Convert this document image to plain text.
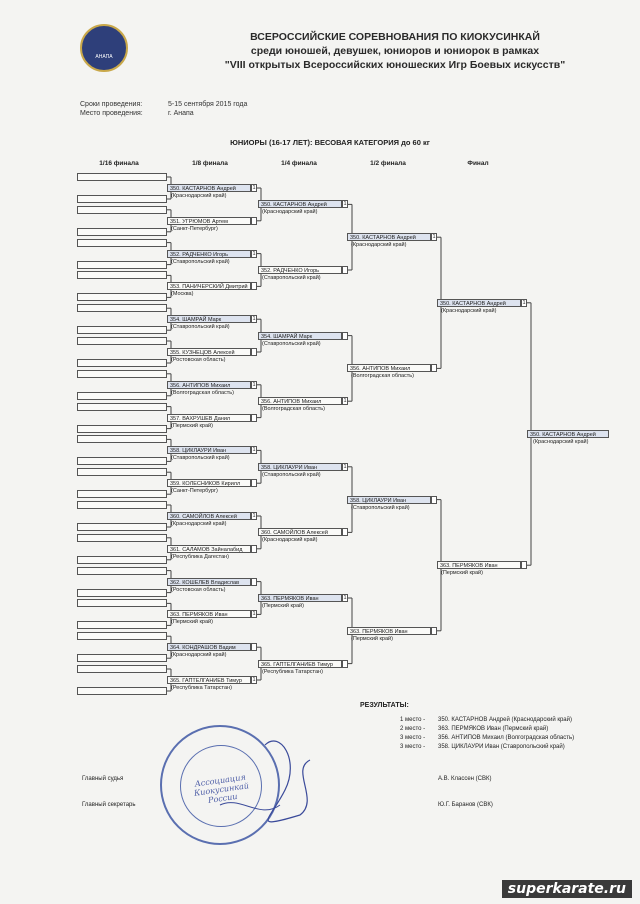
АНАПА
ВСЕРОССИЙСКИЕ СОРЕВНОВАНИЯ ПО КИОКУСИНКАЙ
среди юношей, девушек, юниоров и юниорок в рамках
"VIII открытых Всероссийских юношеских Игр Боевых искусств"
Сроки проведения:	5-15 сентября 2015 года
Место проведения:	г. Анапа
ЮНИОРЫ (16-17 ЛЕТ): ВЕСОВАЯ КАТЕГОРИЯ до 60 кг
1/16 финала	1/8 финала	1/4 финала	1/2 финала	Финал
350. КАСТАРНОВ Андрей	1
(Краснодарский край)
351. УГРЮМОВ Артем
(Санкт-Петербург)
352. РАДЧЕНКО Игорь	1
(Ставропольский край)
353. ПАНИЧЕРСКИЙ Дмитрий
(Москва)
354. ШАМРАЙ Марк	1
(Ставропольский край)
355. КУЗНЕЦОВ Алексей
(Ростовская область)
356. АНТИПОВ Михаил	1
(Волгоградская область)
357. ВАХРУШЕВ Данил
(Пермский край)
358. ЦИКЛАУРИ Иван	1
(Ставропольский край)
359. КОЛЕСНИКОВ Кирилл
(Санкт-Петербург)
360. САМОЙЛОВ Алексей	1
(Краснодарский край)
361. САЛАМОВ Зайналабид
(Республика Дагестан)
362. КОШЕЛЕВ Владислав
(Ростовская область)
363. ПЕРМЯКОВ Иван	1
(Пермский край)
364. КОНДРАШОВ Вадим
(Краснодарский край)
365. ГАПТЕЛГАНИЕВ Тимур	1
(Республика Татарстан)
350. КАСТАРНОВ Андрей	1
(Краснодарский край)
352. РАДЧЕНКО Игорь
(Ставропольский край)
354. ШАМРАЙ Марк
(Ставропольский край)
356. АНТИПОВ Михаил	1
(Волгоградская область)
358. ЦИКЛАУРИ Иван	1
(Ставропольский край)
360. САМОЙЛОВ Алексей
(Краснодарский край)
363. ПЕРМЯКОВ Иван	1
(Пермский край)
365. ГАПТЕЛГАНИЕВ Тимур
(Республика Татарстан)
350. КАСТАРНОВ Андрей	1
(Краснодарский край)
356. АНТИПОВ Михаил
(Волгоградская область)
358. ЦИКЛАУРИ Иван
(Ставропольский край)
363. ПЕРМЯКОВ Иван
(Пермский край)
350. КАСТАРНОВ Андрей	1
(Краснодарский край)
363. ПЕРМЯКОВ Иван
(Пермский край)
350. КАСТАРНОВ Андрей
(Краснодарский край)
РЕЗУЛЬТАТЫ:
1 место - 350. КАСТАРНОВ Андрей (Краснодарский край)
2 место - 363. ПЕРМЯКОВ Иван (Пермский край)
3 место - 356. АНТИПОВ Михаил (Волгоградская область)
3 место - 358. ЦИКЛАУРИ Иван (Ставропольский край)
Главный судья	А.В. Классен (СВК)
Главный секретарь	Ю.Г. Баранов (СВК)
Ассоциация Киокусинкай России
superkarate.ru
